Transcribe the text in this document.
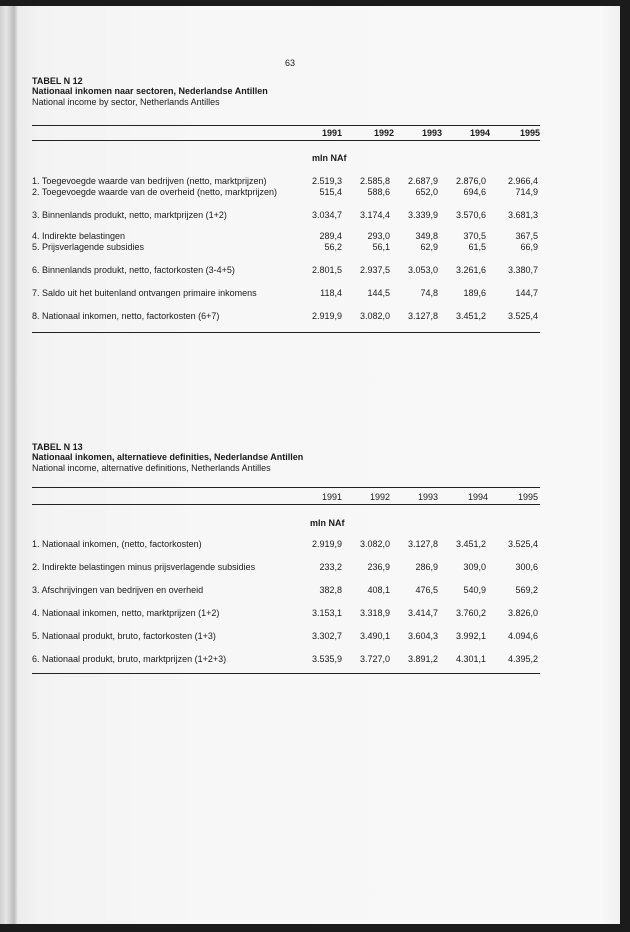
63

TABEL N 12

Nationaal inkomen naar sectoren, Nederlandse Antillen

National income by sector, Netherlands Antilles

1991	1992	1993	1994	1995
mln NAf
1. Toegevoegde waarde van bedrijven (netto, marktprijzen)	2.519,3	2.585,8	2.687,9	2.876,0	2.966,4
2. Toegevoegde waarde van de overheid (netto, marktprijzen)	515,4	588,6	652,0	694,6	714,9
3. Binnenlands produkt, netto, marktprijzen (1+2)	3.034,7	3.174,4	3.339,9	3.570,6	3.681,3
4. Indirekte belastingen	289,4	293,0	349,8	370,5	367,5
5. Prijsverlagende subsidies	56,2	56,1	62,9	61,5	66,9
6. Binnenlands produkt, netto, factorkosten (3-4+5)	2.801,5	2.937,5	3.053,0	3.261,6	3.380,7
7. Saldo uit het buitenland ontvangen primaire inkomens	118,4	144,5	74,8	189,6	144,7
8. Nationaal inkomen, netto, factorkosten (6+7)	2.919,9	3.082,0	3.127,8	3.451,2	3.525,4

TABEL N 13

Nationaal inkomen, alternatieve definities, Nederlandse Antillen

National income, alternative definitions, Netherlands Antilles

1991	1992	1993	1994	1995
mln NAf
1. Nationaal inkomen, (netto, factorkosten)	2.919,9	3.082,0	3.127,8	3.451,2	3.525,4
2. Indirekte belastingen minus prijsverlagende subsidies	233,2	236,9	286,9	309,0	300,6
3. Afschrijvingen van bedrijven en overheid	382,8	408,1	476,5	540,9	569,2
4. Nationaal inkomen, netto, marktprijzen (1+2)	3.153,1	3.318,9	3.414,7	3.760,2	3.826,0
5. Nationaal produkt, bruto, factorkosten (1+3)	3.302,7	3.490,1	3.604,3	3.992,1	4.094,6
6. Nationaal produkt, bruto, marktprijzen (1+2+3)	3.535,9	3.727,0	3.891,2	4.301,1	4.395,2
